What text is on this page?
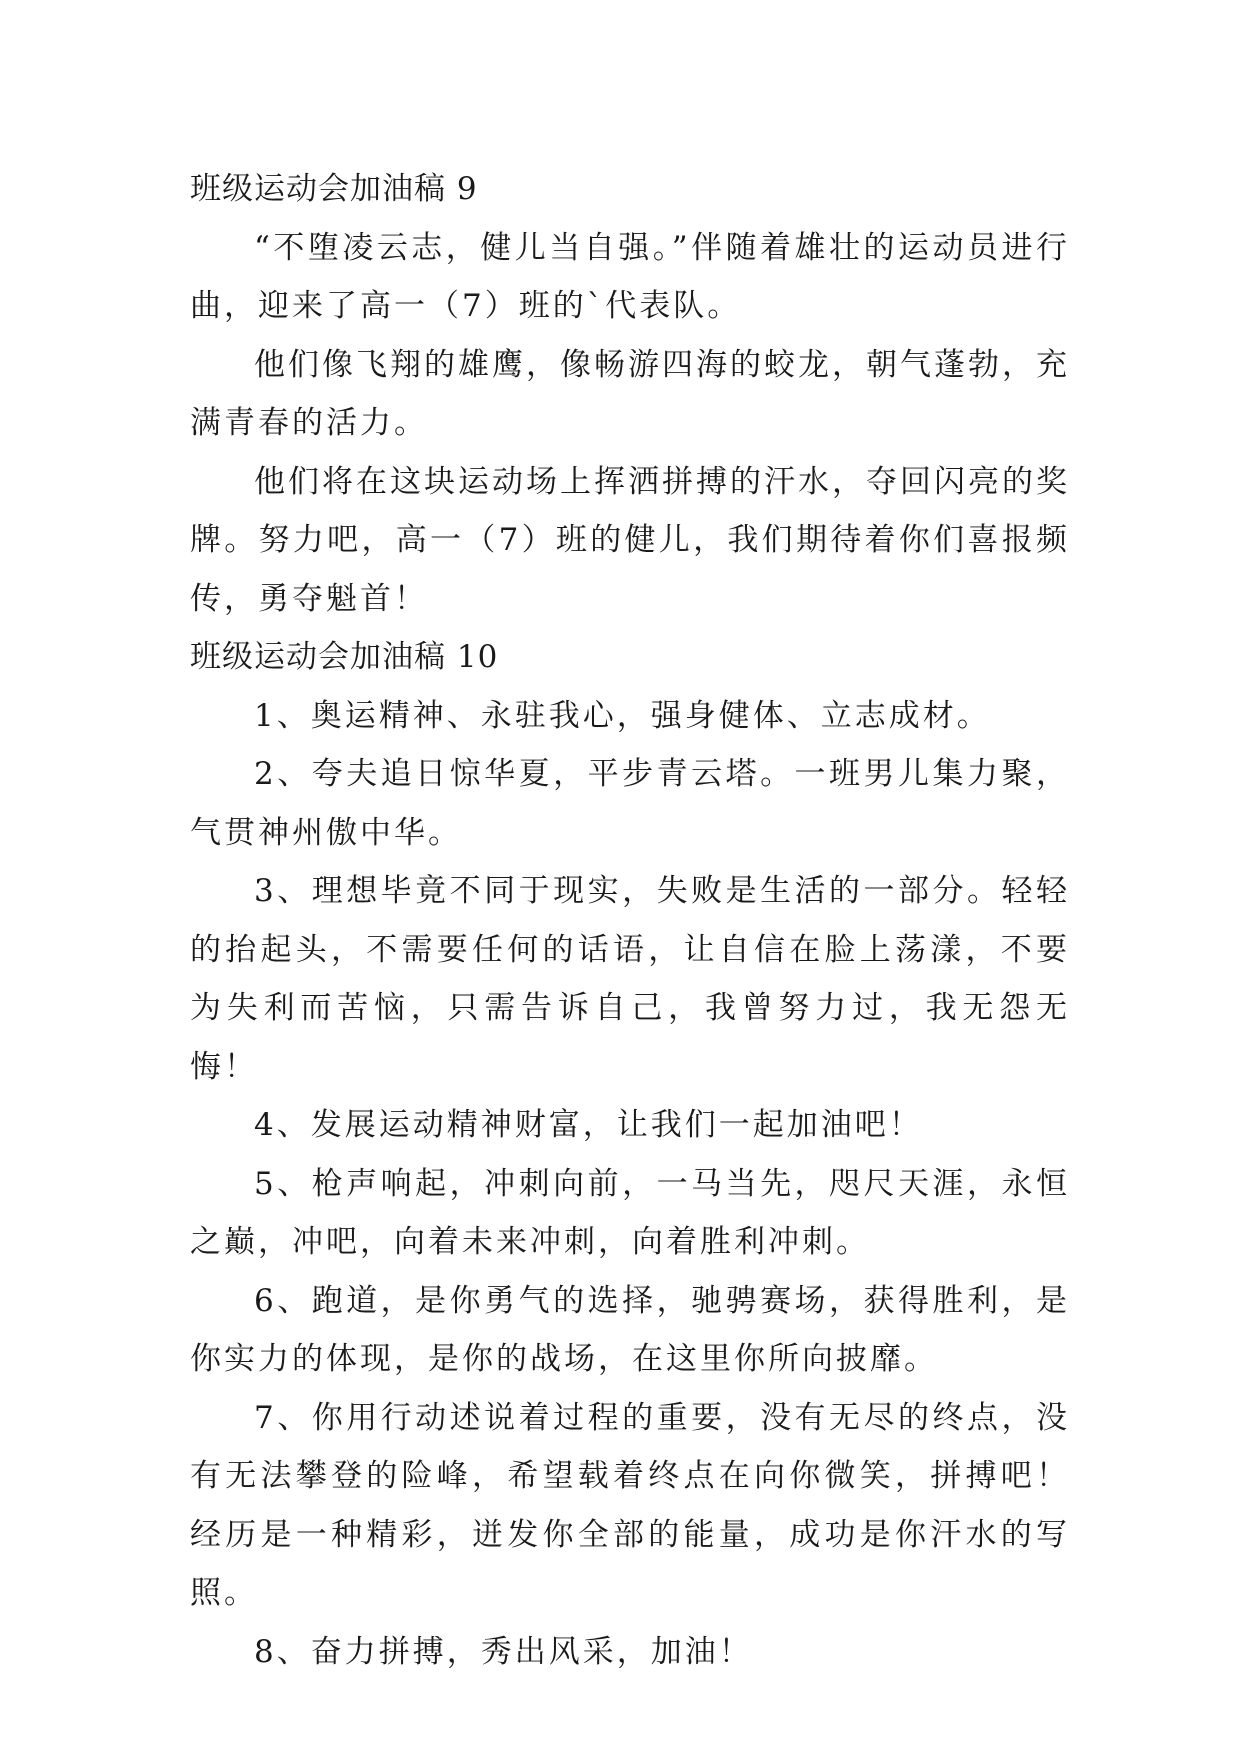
班级运动会加油稿 9

“不堕凌云志，健儿当自强。”伴随着雄壮的运动员进行曲，迎来了高一（7）班的`代表队。

他们像飞翔的雄鹰，像畅游四海的蛟龙，朝气蓬勃，充满青春的活力。

他们将在这块运动场上挥洒拼搏的汗水，夺回闪亮的奖牌。努力吧，高一（7）班的健儿，我们期待着你们喜报频传，勇夺魁首！

班级运动会加油稿 10

1、奥运精神、永驻我心，强身健体、立志成材。

2、夸夫追日惊华夏，平步青云塔。一班男儿集力聚，气贯神州傲中华。

3、理想毕竟不同于现实，失败是生活的一部分。轻轻的抬起头，不需要任何的话语，让自信在脸上荡漾，不要为失利而苦恼，只需告诉自己，我曾努力过，我无怨无悔！

4、发展运动精神财富，让我们一起加油吧！

5、枪声响起，冲刺向前，一马当先，咫尺天涯，永恒之巅，冲吧，向着未来冲刺，向着胜利冲刺。

6、跑道，是你勇气的选择，驰骋赛场，获得胜利，是你实力的体现，是你的战场，在这里你所向披靡。

7、你用行动述说着过程的重要，没有无尽的终点，没有无法攀登的险峰，希望载着终点在向你微笑，拼搏吧！经历是一种精彩，迸发你全部的能量，成功是你汗水的写照。

8、奋力拼搏，秀出风采，加油！
